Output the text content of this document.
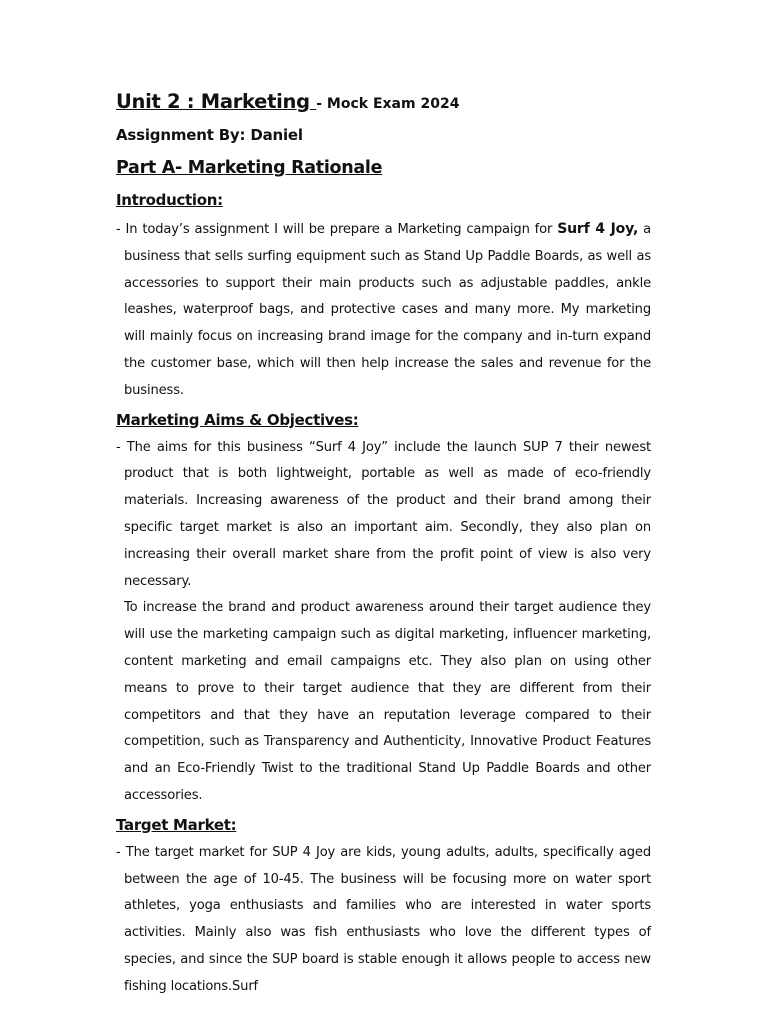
Unit 2 : Marketing - Mock Exam 2024

Assignment By: Daniel

Part A- Marketing Rationale

Introduction:

- In today’s assignment I will be prepare a Marketing campaign for Surf 4 Joy, a business that sells surfing equipment such as Stand Up Paddle Boards, as well as accessories to support their main products such as adjustable paddles, ankle leashes, waterproof bags, and protective cases and many more. My marketing will mainly focus on increasing brand image for the company and in-turn expand the customer base, which will then help increase the sales and revenue for the business.

Marketing Aims & Objectives:

- The aims for this business “Surf 4 Joy” include the launch SUP 7 their newest product that is both lightweight, portable as well as made of eco-friendly materials. Increasing awareness of the product and their brand among their specific target market is also an important aim. Secondly, they also plan on increasing their overall market share from the profit point of view is also very necessary.

To increase the brand and product awareness around their target audience they will use the marketing campaign such as digital marketing, influencer marketing, content marketing and email campaigns etc. They also plan on using other means to prove to their target audience that they are different from their competitors and that they have an reputation leverage compared to their competition, such as Transparency and Authenticity, Innovative Product Features and an Eco-Friendly Twist to the traditional Stand Up Paddle Boards and other accessories.

Target Market:

- The target market for SUP 4 Joy are kids, young adults, adults, specifically aged between the age of 10-45. The business will be focusing more on water sport athletes, yoga enthusiasts and families who are interested in water sports activities. Mainly also was fish enthusiasts who love the different types of species, and since the SUP board is stable enough it allows people to access new fishing locations.Surf
